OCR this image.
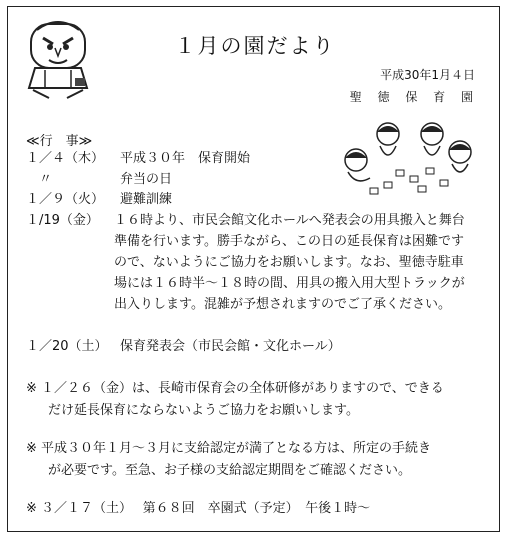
１月の園だより
平成30年1月４日
聖 徳 保 育 園
≪行　事≫
１／４（木） 平成３０年　保育開始
　〃	弁当の日
１／９（火） 避難訓練
１/19（金）	１６時より、市民会館文化ホールへ発表会の用具搬入と舞台準備を行います。勝手ながら、この日の延長保育は困難ですので、ないようにご協力をお願いします。なお、聖徳寺駐車場には１６時半～１８時の間、用具の搬入用大型トラックが出入りします。混雑が予想されますのでご了承ください。
１／20（土） 保育発表会（市民会館・文化ホール）
※ １／２６（金）は、長崎市保育会の全体研修がありますので、できる
だけ延長保育にならないようご協力をお願いします。
※ 平成３０年１月～３月に支給認定が満了となる方は、所定の手続き
が必要です。至急、お子様の支給認定期間をご確認ください。
※ ３／１７（土）　 第６８回　卒園式（予定）　午後１時～
